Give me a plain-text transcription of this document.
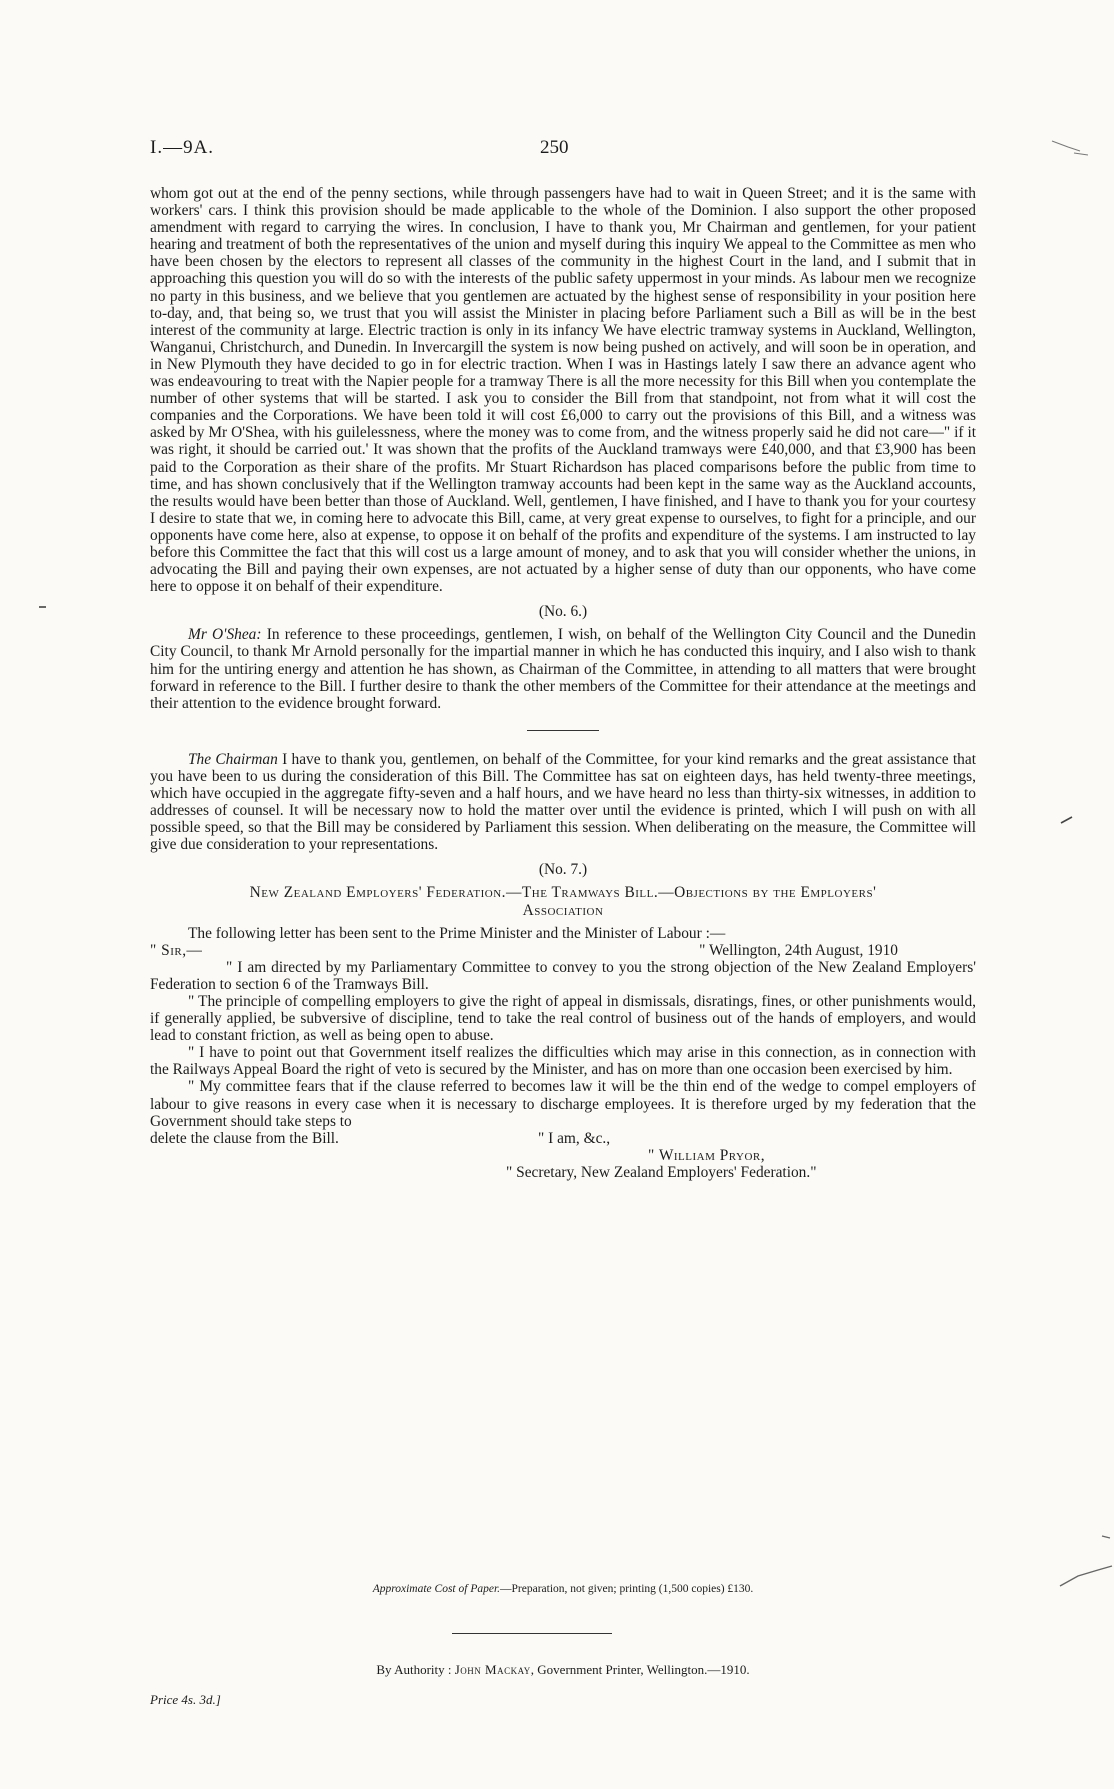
I.—9A.	250

whom got out at the end of the penny sections, while through passengers have had to wait in Queen Street; and it is the same with workers' cars. I think this provision should be made applicable to the whole of the Dominion. I also support the other proposed amendment with regard to carrying the wires. In conclusion, I have to thank you, Mr Chairman and gentlemen, for your patient hearing and treatment of both the representatives of the union and myself during this inquiry We appeal to the Committee as men who have been chosen by the electors to represent all classes of the community in the highest Court in the land, and I submit that in approaching this question you will do so with the interests of the public safety uppermost in your minds. As labour men we recognize no party in this business, and we believe that you gentlemen are actuated by the highest sense of responsibility in your position here to-day, and, that being so, we trust that you will assist the Minister in placing before Parliament such a Bill as will be in the best interest of the community at large. Electric traction is only in its infancy We have electric tramway systems in Auckland, Wellington, Wanganui, Christchurch, and Dunedin. In Invercargill the system is now being pushed on actively, and will soon be in operation, and in New Plymouth they have decided to go in for electric traction. When I was in Hastings lately I saw there an advance agent who was endeavouring to treat with the Napier people for a tramway There is all the more necessity for this Bill when you contemplate the number of other systems that will be started. I ask you to consider the Bill from that standpoint, not from what it will cost the companies and the Corporations. We have been told it will cost £6,000 to carry out the provisions of this Bill, and a witness was asked by Mr O'Shea, with his guilelessness, where the money was to come from, and the witness properly said he did not care—" if it was right, it should be carried out.' It was shown that the profits of the Auckland tramways were £40,000, and that £3,900 has been paid to the Corporation as their share of the profits. Mr Stuart Richardson has placed comparisons before the public from time to time, and has shown conclusively that if the Wellington tramway accounts had been kept in the same way as the Auckland accounts, the results would have been better than those of Auckland. Well, gentlemen, I have finished, and I have to thank you for your courtesy I desire to state that we, in coming here to advocate this Bill, came, at very great expense to ourselves, to fight for a principle, and our opponents have come here, also at expense, to oppose it on behalf of the profits and expenditure of the systems. I am instructed to lay before this Committee the fact that this will cost us a large amount of money, and to ask that you will consider whether the unions, in advocating the Bill and paying their own expenses, are not actuated by a higher sense of duty than our opponents, who have come here to oppose it on behalf of their expenditure.

(No. 6.)

Mr O'Shea: In reference to these proceedings, gentlemen, I wish, on behalf of the Wellington City Council and the Dunedin City Council, to thank Mr Arnold personally for the impartial manner in which he has conducted this inquiry, and I also wish to thank him for the untiring energy and attention he has shown, as Chairman of the Committee, in attending to all matters that were brought forward in reference to the Bill. I further desire to thank the other members of the Committee for their attendance at the meetings and their attention to the evidence brought forward.

The Chairman I have to thank you, gentlemen, on behalf of the Committee, for your kind remarks and the great assistance that you have been to us during the consideration of this Bill. The Committee has sat on eighteen days, has held twenty-three meetings, which have occupied in the aggregate fifty-seven and a half hours, and we have heard no less than thirty-six witnesses, in addition to addresses of counsel. It will be necessary now to hold the matter over until the evidence is printed, which I will push on with all possible speed, so that the Bill may be considered by Parliament this session. When deliberating on the measure, the Committee will give due consideration to your representations.

(No. 7.)

New Zealand Employers' Federation.—The Tramways Bill.—Objections by the Employers'

Association

The following letter has been sent to the Prime Minister and the Minister of Labour :—

" Sir,—	" Wellington, 24th August, 1910

" I am directed by my Parliamentary Committee to convey to you the strong objection of the New Zealand Employers' Federation to section 6 of the Tramways Bill.

" The principle of compelling employers to give the right of appeal in dismissals, disratings, fines, or other punishments would, if generally applied, be subversive of discipline, tend to take the real control of business out of the hands of employers, and would lead to constant friction, as well as being open to abuse.

" I have to point out that Government itself realizes the difficulties which may arise in this connection, as in connection with the Railways Appeal Board the right of veto is secured by the Minister, and has on more than one occasion been exercised by him.

" My committee fears that if the clause referred to becomes law it will be the thin end of the wedge to compel employers of labour to give reasons in every case when it is necessary to discharge employees. It is therefore urged by my federation that the Government should take steps to

delete the clause from the Bill.	" I am, &c.,

" William Pryor,

" Secretary, New Zealand Employers' Federation."

Approximate Cost of Paper.—Preparation, not given; printing (1,500 copies) £130.
By Authority : John Mackay, Government Printer, Wellington.—1910.
Price 4s. 3d.]
